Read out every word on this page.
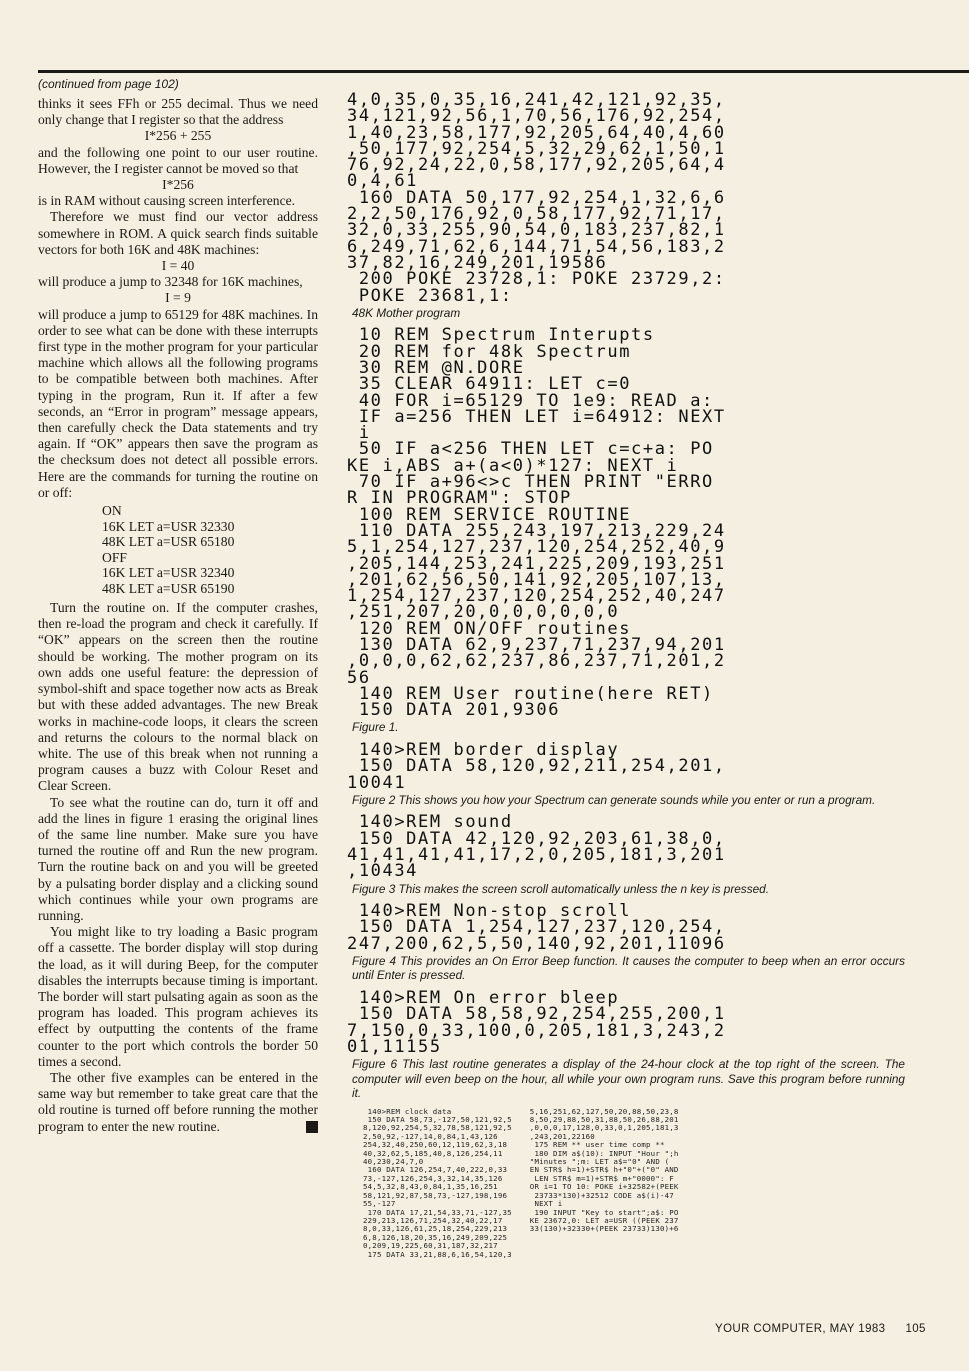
(continued from page 102)

thinks it sees FFh or 255 decimal. Thus we need only change that I register so that the address

I*256 + 255

and the following one point to our user routine. However, the I register cannot be moved so that

I*256

is in RAM without causing screen interference.

Therefore we must find our vector address somewhere in ROM. A quick search finds suitable vectors for both 16K and 48K machines:

I = 40

will produce a jump to 32348 for 16K machines,

I = 9

will produce a jump to 65129 for 48K machines. In order to see what can be done with these interrupts first type in the mother program for your particular machine which allows all the following programs to be compatible between both machines. After typing in the program, Run it. If after a few seconds, an “Error in program” message appears, then carefully check the Data statements and try again. If “OK” appears then save the program as the checksum does not detect all possible errors. Here are the commands for turning the routine on or off:

ON
16K LET a=USR 32330
48K LET a=USR 65180
OFF
16K LET a=USR 32340
48K LET a=USR 65190

Turn the routine on. If the computer crashes, then re-load the program and check it carefully. If “OK” appears on the screen then the routine should be working. The mother program on its own adds one useful feature: the depression of symbol-shift and space together now acts as Break but with these added advantages. The new Break works in machine-code loops, it clears the screen and returns the colours to the normal black on white. The use of this break when not running a program causes a buzz with Colour Reset and Clear Screen.

To see what the routine can do, turn it off and add the lines in figure 1 erasing the original lines of the same line number. Make sure you have turned the routine off and Run the new program. Turn the routine back on and you will be greeted by a pulsating border display and a clicking sound which continues while your own programs are running.

You might like to try loading a Basic program off a cassette. The border display will stop during the load, as it will during Beep, for the computer disables the interrupts because timing is important. The border will start pulsating again as soon as the program has loaded. This program achieves its effect by outputting the contents of the frame counter to the port which controls the border 50 times a second.

The other five examples can be entered in the same way but remember to take great care that the old routine is turned off before running the mother program to enter the new routine.

4,0,35,0,35,16,241,42,121,92,35,
34,121,92,56,1,70,56,176,92,254,
1,40,23,58,177,92,205,64,40,4,60
,50,177,92,254,5,32,29,62,1,50,1
76,92,24,22,0,58,177,92,205,64,4
0,4,61
160 DATA 50,177,92,254,1,32,6,6
2,2,50,176,92,0,58,177,92,71,17,
32,0,33,255,90,54,0,183,237,82,1
6,249,71,62,6,144,71,54,56,183,2
37,82,16,249,201,19586
200 POKE 23728,1: POKE 23729,2:
POKE 23681,1:
48K Mother program
10 REM Spectrum Interupts
20 REM for 48k Spectrum
30 REM @N.DORE
35 CLEAR 64911: LET c=0
40 FOR i=65129 TO 1e9: READ a:
IF a=256 THEN LET i=64912: NEXT
i
50 IF a<256 THEN LET c=c+a: PO
KE i,ABS a+(a<0)*127: NEXT i
70 IF a+96<>c THEN PRINT "ERRO
R IN PROGRAM": STOP
100 REM SERVICE ROUTINE
110 DATA 255,243,197,213,229,24
5,1,254,127,237,120,254,252,40,9
,205,144,253,241,225,209,193,251
,201,62,56,50,141,92,205,107,13,
1,254,127,237,120,254,252,40,247
,251,207,20,0,0,0,0,0,0
120 REM ON/OFF routines
130 DATA 62,9,237,71,237,94,201
,0,0,0,62,62,237,86,237,71,201,2
56
140 REM User routine(here RET)
150 DATA 201,9306
Figure 1.
140>REM border display
150 DATA 58,120,92,211,254,201,
10041
Figure 2 This shows you how your Spectrum can generate sounds while you enter or run a program.
140>REM sound
150 DATA 42,120,92,203,61,38,0,
41,41,41,41,17,2,0,205,181,3,201
,10434
Figure 3 This makes the screen scroll automatically unless the n key is pressed.
140>REM Non-stop scroll
150 DATA 1,254,127,237,120,254,
247,200,62,5,50,140,92,201,11096
Figure 4 This provides an On Error Beep function. It causes the computer to beep when an error occurs until Enter is pressed.
140>REM On error bleep
150 DATA 58,58,92,254,255,200,1
7,150,0,33,100,0,205,181,3,243,2
01,11155
Figure 6 This last routine generates a display of the 24-hour clock at the top right of the screen. The computer will even beep on the hour, all while your own program runs. Save this program before running it.
140>REM clock data
150 DATA 58,73,-127,50,121,92,5
8,120,92,254,5,32,78,58,121,92,5
2,50,92,-127,14,0,84,1,43,126
254,32,40,250,60,12,119,62,3,18
40,32,62,5,185,40,8,126,254,11
40,230,24,7,0
160 DATA 126,254,7,40,222,0,33
73,-127,126,254,3,32,14,35,126
54,5,32,8,43,0,84,1,35,16,251
58,121,92,87,58,73,-127,198,196
55,-127
170 DATA 17,21,54,33,71,-127,35
229,213,126,71,254,32,40,22,17
8,0,33,126,61,25,18,254,229,213
6,8,126,18,20,35,16,249,209,225
0,209,19,225,60,31,187,32,217
175 DATA 33,21,88,6,16,54,120,3
5,16,251,62,127,50,20,88,50,23,8
8,50,29,88,50,31,88,50,26,88,201
,0,0,0,17,128,0,33,0,1,205,181,3
,243,201,22160
175 REM ** user time comp **
180 DIM a$(10): INPUT "Hour ";h
"Minutes ";m: LET a$="0" AND (
EN STR$ h=1)+STR$ h+"0"+("0" AND
LEN STR$ m=1)+STR$ m+"0000": F
OR i=1 TO 10: POKE i+32582+(PEEK
23733*130)+32512 CODE a$(i)-47
NEXT i
190 INPUT "Key to start";a$: PO
KE 23672,0: LET a=USR ((PEEK 237
33(130)+32330+(PEEK 23733)130)+6
YOUR COMPUTER, MAY 1983 105
